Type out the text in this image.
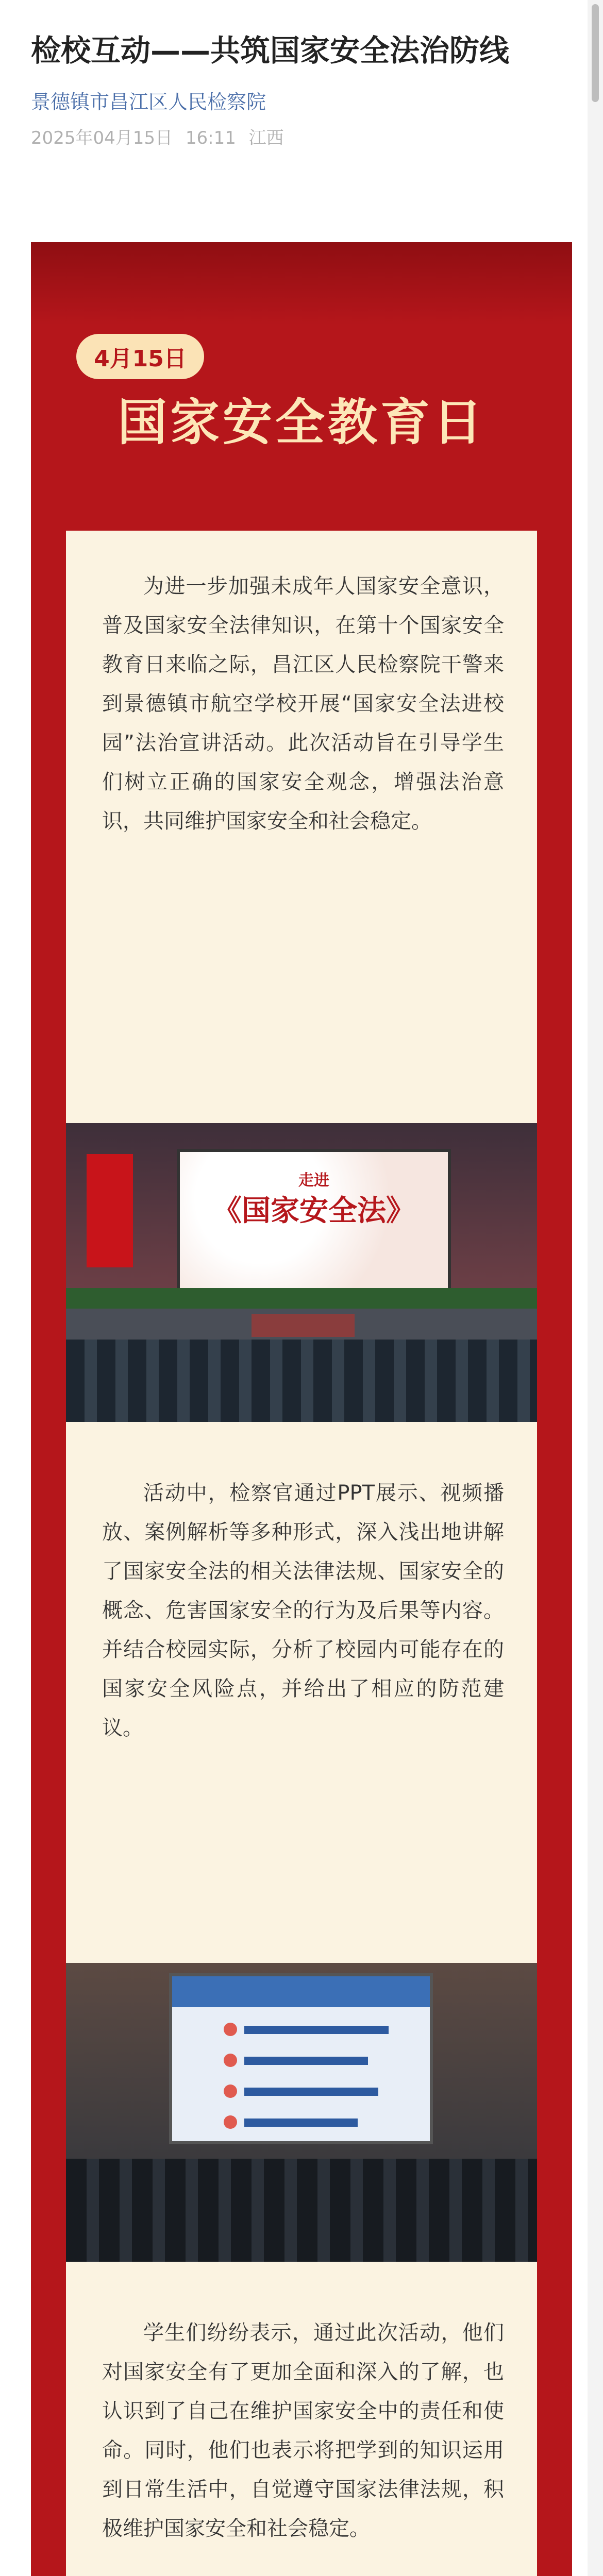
检校互动——共筑国家安全法治防线
景德镇市昌江区人民检察院
2025年04月15日 16:11 江西
4月15日
国家安全教育日

为进一步加强未成年人国家安全意识，普及国家安全法律知识，在第十个国家安全教育日来临之际，昌江区人民检察院干警来到景德镇市航空学校开展“国家安全法进校园”法治宣讲活动。此次活动旨在引导学生们树立正确的国家安全观念，增强法治意识，共同维护国家安全和社会稳定。

走进
《国家安全法》

活动中，检察官通过PPT展示、视频播放、案例解析等多种形式，深入浅出地讲解了国家安全法的相关法律法规、国家安全的概念、危害国家安全的行为及后果等内容。并结合校园实际，分析了校园内可能存在的国家安全风险点，并给出了相应的防范建议。

学生们纷纷表示，通过此次活动，他们对国家安全有了更加全面和深入的了解，也认识到了自己在维护国家安全中的责任和使命。同时，他们也表示将把学到的知识运用到日常生活中，自觉遵守国家法律法规，积极维护国家安全和社会稳定。
